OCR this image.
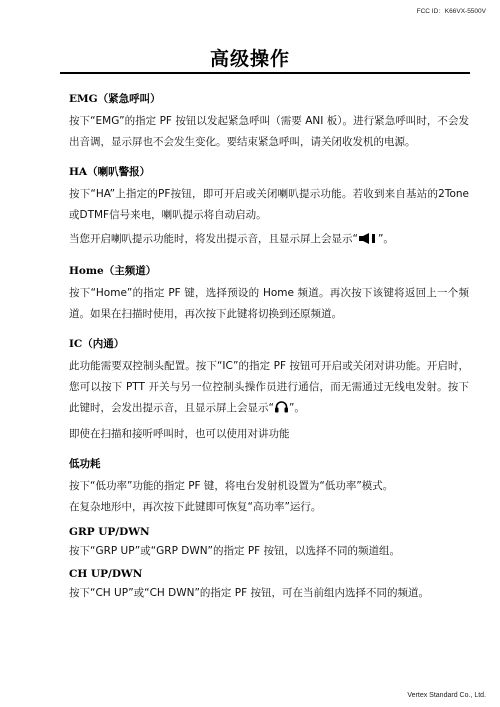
FCC ID：K66VX-5500V
高级操作
EMG（紧急呼叫）
按下“EMG”的指定 PF 按钮以发起紧急呼叫（需要 ANI 板）。进行紧急呼叫时，不会发出音调，显示屏也不会发生变化。要结束紧急呼叫，请关闭收发机的电源。
HA（喇叭警报）
按下“HA”上指定的PF按钮，即可开启或关闭喇叭提示功能。若收到来自基站的2Tone或DTMF信号来电，喇叭提示将自动启动。
当您开启喇叭提示功能时，将发出提示音，且显示屏上会显示“ ”。
Home（主频道）
按下“Home”的指定 PF 键，选择预设的 Home 频道。再次按下该键将返回上一个频道。如果在扫描时使用，再次按下此键将切换到还原频道。
IC（内通）
此功能需要双控制头配置。按下“IC”的指定 PF 按钮可开启或关闭对讲功能。开启时，您可以按下 PTT 开关与另一位控制头操作员进行通信，而无需通过无线电发射。按下此键时，会发出提示音，且显示屏上会显示“ ”。
即使在扫描和接听呼叫时，也可以使用对讲功能
低功耗
按下“低功率”功能的指定 PF 键，将电台发射机设置为“低功率”模式。
在复杂地形中，再次按下此键即可恢复“高功率”运行。
GRP UP/DWN
按下“GRP UP”或“GRP DWN”的指定 PF 按钮，以选择不同的频道组。
CH UP/DWN
按下“CH UP”或“CH DWN”的指定 PF 按钮，可在当前组内选择不同的频道。
Vertex Standard Co., Ltd.
